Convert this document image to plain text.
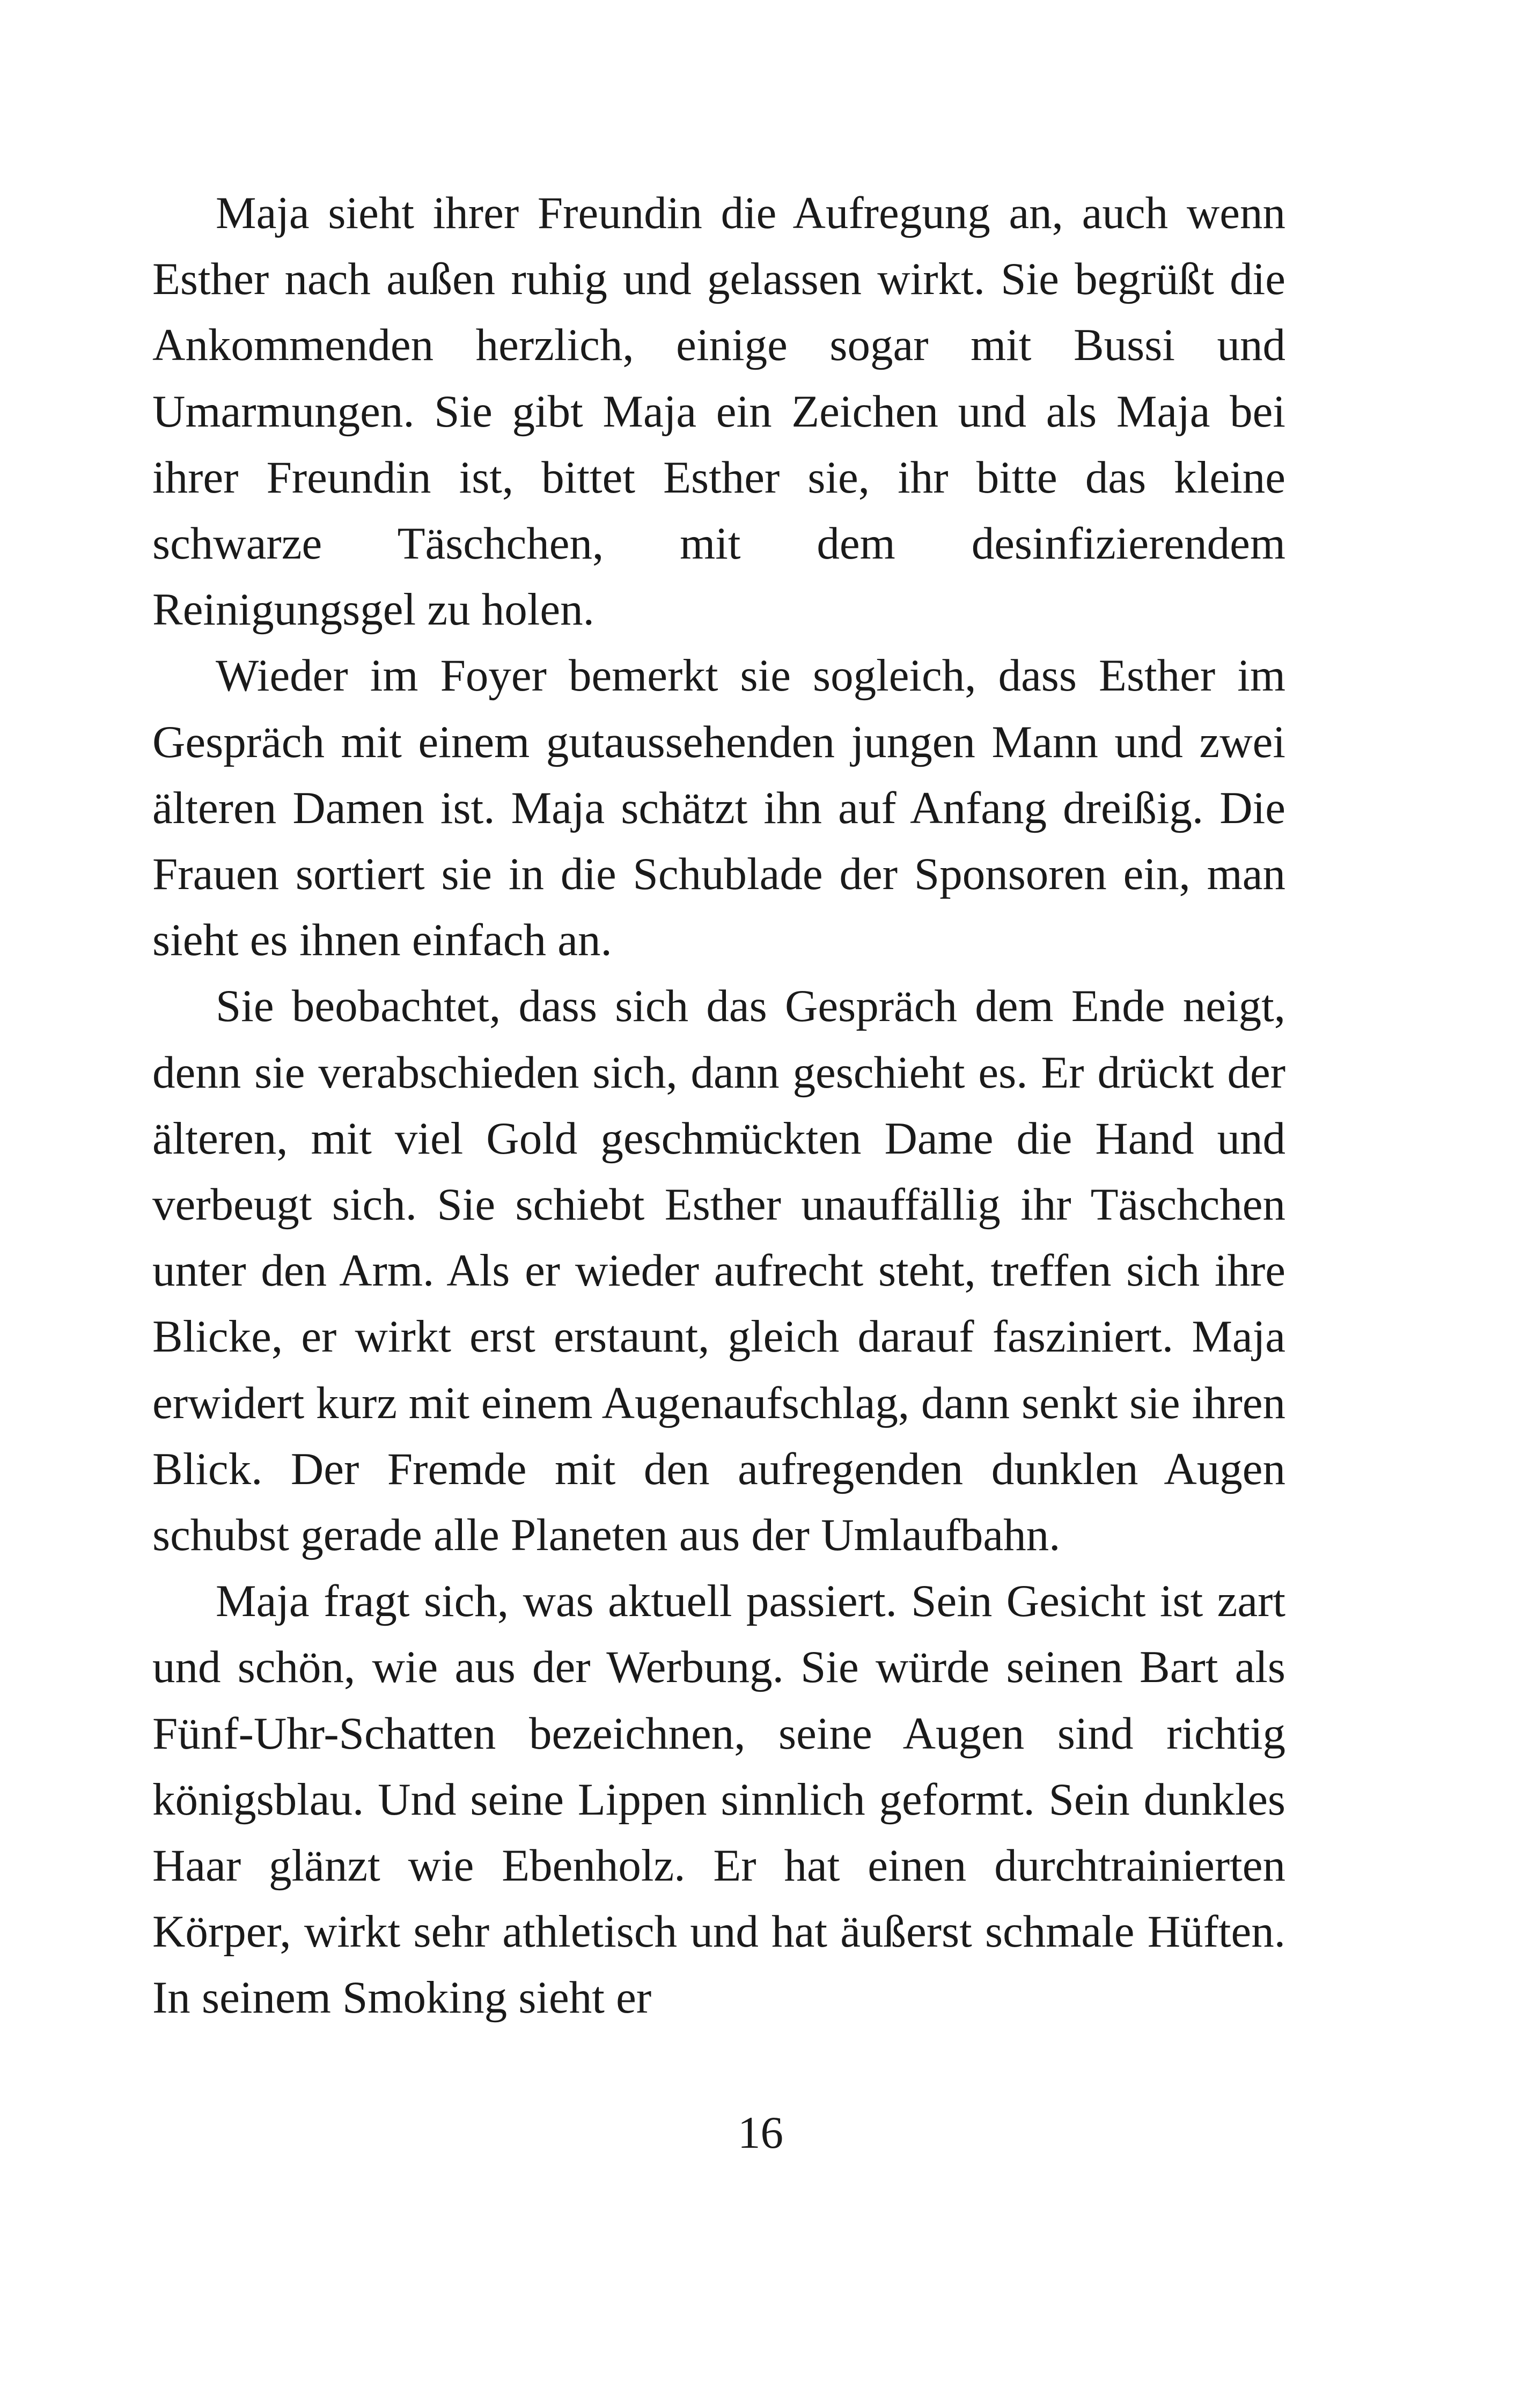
Maja sieht ihrer Freundin die Aufregung an, auch wenn Esther nach außen ruhig und gelassen wirkt. Sie begrüßt die Ankommenden herzlich, einige sogar mit Bussi und Umarmungen. Sie gibt Maja ein Zeichen und als Maja bei ihrer Freundin ist, bittet Esther sie, ihr bitte das kleine schwarze Täschchen, mit dem desinfizierendem Reinigungsgel zu holen.

Wieder im Foyer bemerkt sie sogleich, dass Esther im Gespräch mit einem gutaussehenden jungen Mann und zwei älteren Damen ist. Maja schätzt ihn auf Anfang dreißig. Die Frauen sortiert sie in die Schublade der Sponsoren ein, man sieht es ihnen einfach an.

Sie beobachtet, dass sich das Gespräch dem Ende neigt, denn sie verabschieden sich, dann geschieht es. Er drückt der älteren, mit viel Gold geschmückten Dame die Hand und verbeugt sich. Sie schiebt Esther unauffällig ihr Täschchen unter den Arm. Als er wieder aufrecht steht, treffen sich ihre Blicke, er wirkt erst erstaunt, gleich darauf fasziniert. Maja erwidert kurz mit einem Augenaufschlag, dann senkt sie ihren Blick. Der Fremde mit den aufregenden dunklen Augen schubst gerade alle Planeten aus der Umlaufbahn.

Maja fragt sich, was aktuell passiert. Sein Gesicht ist zart und schön, wie aus der Werbung. Sie würde seinen Bart als Fünf-Uhr-Schatten bezeichnen, seine Augen sind richtig königsblau. Und seine Lippen sinnlich geformt. Sein dunkles Haar glänzt wie Ebenholz. Er hat einen durchtrainierten Körper, wirkt sehr athletisch und hat äußerst schmale Hüften. In seinem Smoking sieht er

16
